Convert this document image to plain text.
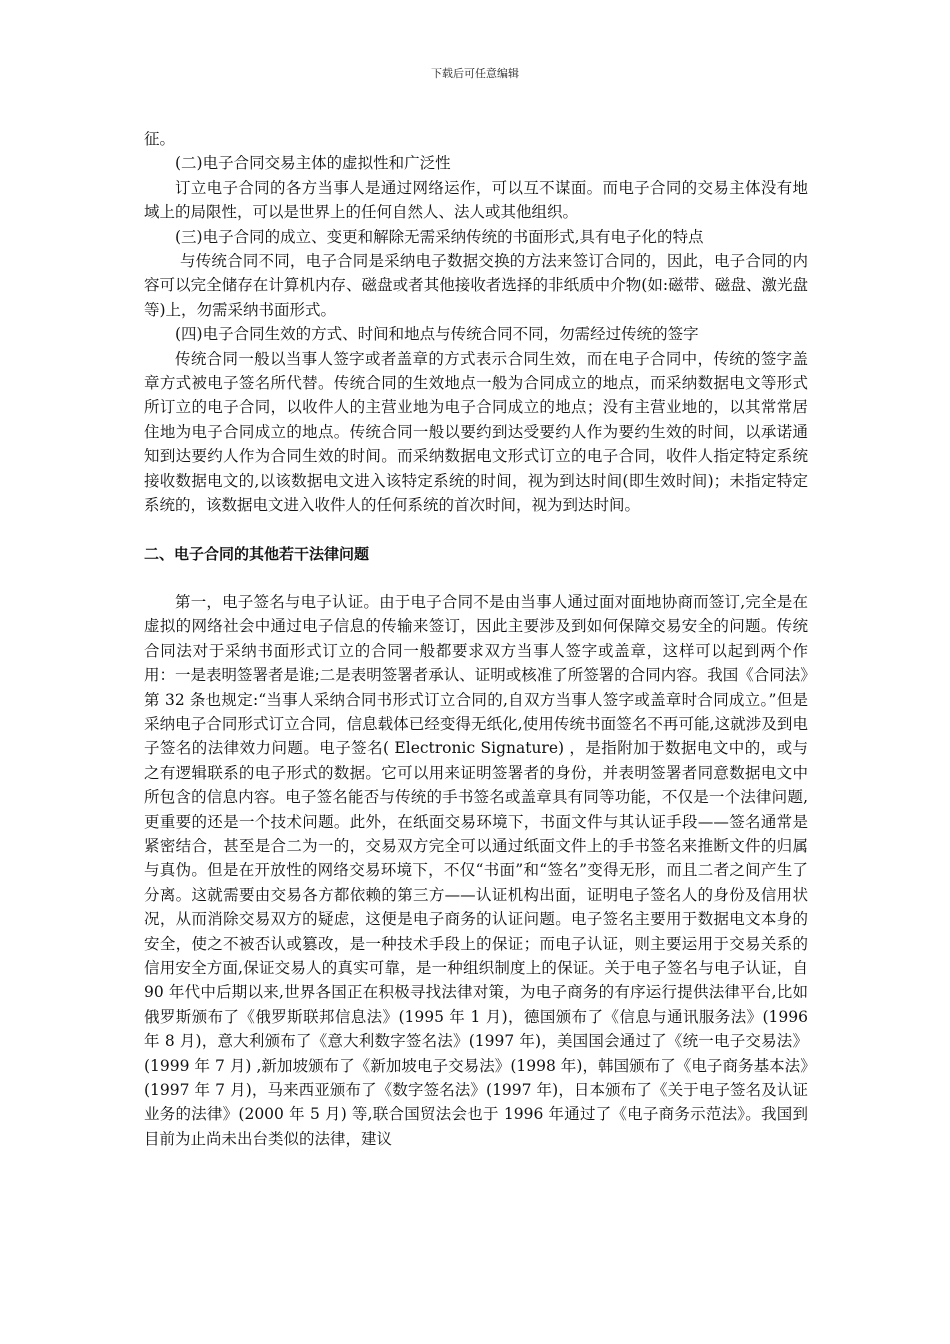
下载后可任意编辑

征。

(二)电子合同交易主体的虚拟性和广泛性

订立电子合同的各方当事人是通过网络运作，可以互不谋面。而电子合同的交易主体没有地域上的局限性，可以是世界上的任何自然人、法人或其他组织。

(三)电子合同的成立、变更和解除无需采纳传统的书面形式,具有电子化的特点

与传统合同不同，电子合同是采纳电子数据交换的方法来签订合同的，因此，电子合同的内容可以完全储存在计算机内存、磁盘或者其他接收者选择的非纸质中介物(如:磁带、磁盘、激光盘等)上，勿需采纳书面形式。

(四)电子合同生效的方式、时间和地点与传统合同不同，勿需经过传统的签字

传统合同一般以当事人签字或者盖章的方式表示合同生效，而在电子合同中，传统的签字盖章方式被电子签名所代替。传统合同的生效地点一般为合同成立的地点，而采纳数据电文等形式所订立的电子合同，以收件人的主营业地为电子合同成立的地点；没有主营业地的，以其常常居住地为电子合同成立的地点。传统合同一般以要约到达受要约人作为要约生效的时间，以承诺通知到达要约人作为合同生效的时间。而采纳数据电文形式订立的电子合同，收件人指定特定系统接收数据电文的,以该数据电文进入该特定系统的时间，视为到达时间(即生效时间)；未指定特定系统的，该数据电文进入收件人的任何系统的首次时间，视为到达时间。

二、电子合同的其他若干法律问题

第一，电子签名与电子认证。由于电子合同不是由当事人通过面对面地协商而签订,完全是在虚拟的网络社会中通过电子信息的传输来签订，因此主要涉及到如何保障交易安全的问题。传统合同法对于采纳书面形式订立的合同一般都要求双方当事人签字或盖章，这样可以起到两个作用：一是表明签署者是谁;二是表明签署者承认、证明或核准了所签署的合同内容。我国《合同法》第 32 条也规定:“当事人采纳合同书形式订立合同的,自双方当事人签字或盖章时合同成立。”但是采纳电子合同形式订立合同，信息载体已经变得无纸化,使用传统书面签名不再可能,这就涉及到电子签名的法律效力问题。电子签名( Electronic Signature) ，是指附加于数据电文中的，或与之有逻辑联系的电子形式的数据。它可以用来证明签署者的身份，并表明签署者同意数据电文中所包含的信息内容。电子签名能否与传统的手书签名或盖章具有同等功能，不仅是一个法律问题,更重要的还是一个技术问题。此外，在纸面交易环境下，书面文件与其认证手段——签名通常是紧密结合，甚至是合二为一的，交易双方完全可以通过纸面文件上的手书签名来推断文件的归属与真伪。但是在开放性的网络交易环境下，不仅“书面”和“签名”变得无形，而且二者之间产生了分离。这就需要由交易各方都依赖的第三方——认证机构出面，证明电子签名人的身份及信用状况，从而消除交易双方的疑虑，这便是电子商务的认证问题。电子签名主要用于数据电文本身的安全，使之不被否认或篡改，是一种技术手段上的保证；而电子认证，则主要运用于交易关系的信用安全方面,保证交易人的真实可靠，是一种组织制度上的保证。关于电子签名与电子认证，自 90 年代中后期以来,世界各国正在积极寻找法律对策，为电子商务的有序运行提供法律平台,比如俄罗斯颁布了《俄罗斯联邦信息法》(1995 年 1 月)，德国颁布了《信息与通讯服务法》(1996 年 8 月)，意大利颁布了《意大利数字签名法》(1997 年)，美国国会通过了《统一电子交易法》(1999 年 7 月) ,新加坡颁布了《新加坡电子交易法》(1998 年)，韩国颁布了《电子商务基本法》(1997 年 7 月)，马来西亚颁布了《数字签名法》(1997 年)，日本颁布了《关于电子签名及认证业务的法律》(2000 年 5 月) 等,联合国贸法会也于 1996 年通过了《电子商务示范法》。我国到目前为止尚未出台类似的法律，建议
